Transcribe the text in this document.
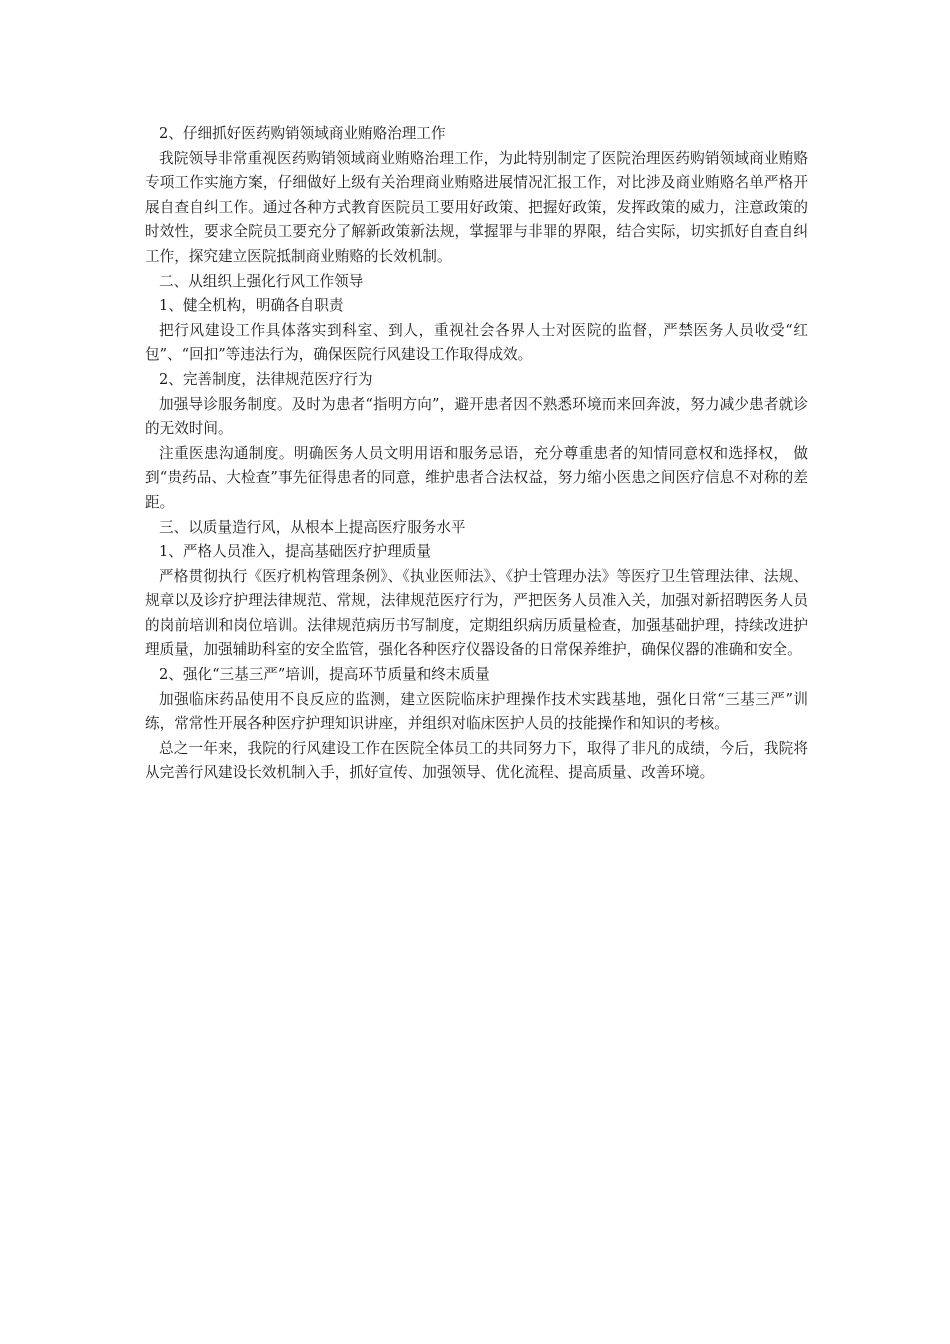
2、仔细抓好医药购销领域商业贿赂治理工作

我院领导非常重视医药购销领域商业贿赂治理工作，为此特别制定了医院治理医药购销领域商业贿赂专项工作实施方案，仔细做好上级有关治理商业贿赂进展情况汇报工作，对比涉及商业贿赂名单严格开展自查自纠工作。通过各种方式教育医院员工要用好政策、把握好政策，发挥政策的威力，注意政策的时效性，要求全院员工要充分了解新政策新法规，掌握罪与非罪的界限，结合实际，切实抓好自查自纠工作，探究建立医院抵制商业贿赂的长效机制。

二、从组织上强化行风工作领导

1、健全机构，明确各自职责

把行风建设工作具体落实到科室、到人，重视社会各界人士对医院的监督，严禁医务人员收受“红包”、“回扣”等违法行为，确保医院行风建设工作取得成效。

2、完善制度，法律规范医疗行为

加强导诊服务制度。及时为患者“指明方向”，避开患者因不熟悉环境而来回奔波，努力减少患者就诊的无效时间。

注重医患沟通制度。明确医务人员文明用语和服务忌语，充分尊重患者的知情同意权和选择权， 做到“贵药品、大检查”事先征得患者的同意，维护患者合法权益，努力缩小医患之间医疗信息不对称的差距。

三、以质量造行风，从根本上提高医疗服务水平

1、严格人员准入，提高基础医疗护理质量

严格贯彻执行《医疗机构管理条例》、《执业医师法》、《护士管理办法》等医疗卫生管理法律、法规、规章以及诊疗护理法律规范、常规，法律规范医疗行为，严把医务人员准入关，加强对新招聘医务人员的岗前培训和岗位培训。法律规范病历书写制度，定期组织病历质量检查，加强基础护理，持续改进护理质量，加强辅助科室的安全监管，强化各种医疗仪器设备的日常保养维护，确保仪器的准确和安全。

2、强化“三基三严”培训，提高环节质量和终末质量

加强临床药品使用不良反应的监测，建立医院临床护理操作技术实践基地，强化日常“三基三严”训练，常常性开展各种医疗护理知识讲座，并组织对临床医护人员的技能操作和知识的考核。

总之一年来，我院的行风建设工作在医院全体员工的共同努力下，取得了非凡的成绩，今后，我院将从完善行风建设长效机制入手，抓好宣传、加强领导、优化流程、提高质量、改善环境。
